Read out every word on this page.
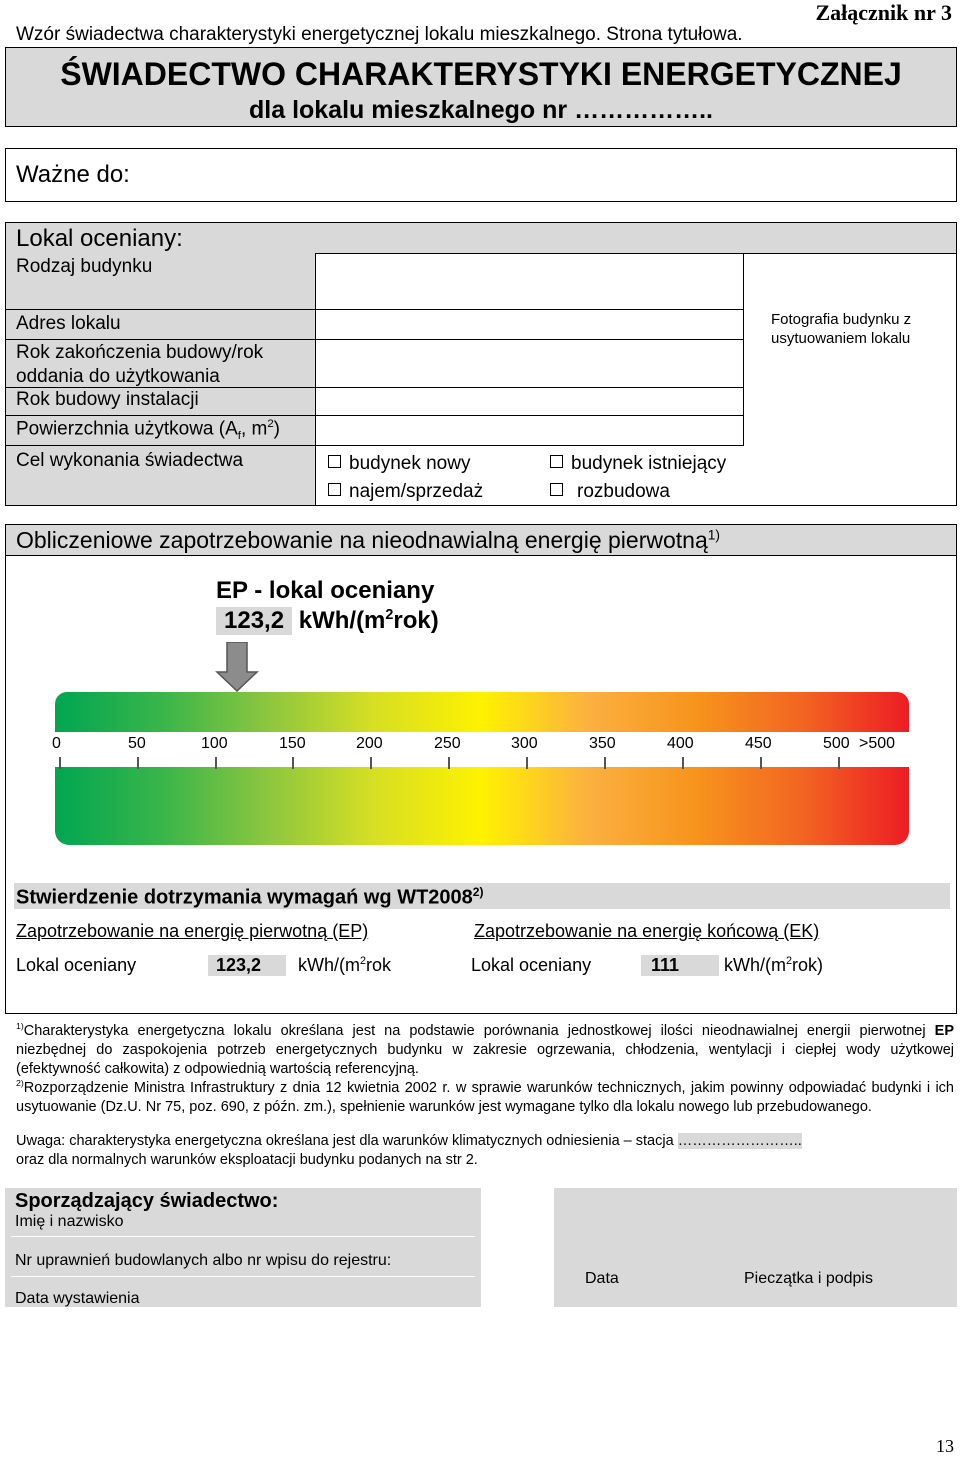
Załącznik nr 3
Wzór świadectwa charakterystyki energetycznej lokalu mieszkalnego. Strona tytułowa.
ŚWIADECTWO CHARAKTERYSTYKI ENERGETYCZNEJ
dla lokalu mieszkalnego nr ……………..
Ważne do:
Lokal oceniany:
Rodzaj budynku
Adres lokalu
Rok zakończenia budowy/rok
oddania do użytkowania
Rok budowy instalacji
Powierzchnia użytkowa ($A_f$, $m^2$)
Cel wykonania świadectwa	budynek nowy	budynek istniejący
najem/sprzedaż	rozbudowa
Fotografia budynku z usytuowaniem lokalu
Obliczeniowe zapotrzebowanie na nieodnawialną energię pierwotną$^{1)}$
EP - lokal oceniany
123,2 kWh/$(m^2rok)$
0	50	100	150	200	250	300	350	400	450	500 >500
Stwierdzenie dotrzymania wymagań wg WT2008$^{2)}$
Zapotrzebowanie na energię pierwotną (EP)	Zapotrzebowanie na energię końcową (EK)
Lokal oceniany	123,2	kWh/($m^2rok$	Lokal oceniany	111	kWh/$(m^2rok)$
$^{1)}$Charakterystyka energetyczna lokalu określana jest na podstawie porównania jednostkowej ilości nieodnawialnej energii pierwotnej EP niezbędnej do zaspokojenia potrzeb energetycznych budynku w zakresie ogrzewania, chłodzenia, wentylacji i ciepłej wody użytkowej (efektywność całkowita) z odpowiednią wartością referencyjną.
$^{2)}$Rozporządzenie Ministra Infrastruktury z dnia 12 kwietnia 2002 r. w sprawie warunków technicznych, jakim powinny odpowiadać budynki i ich usytuowanie (Dz.U. Nr 75, poz. 690, z późn. zm.), spełnienie warunków jest wymagane tylko dla lokalu nowego lub przebudowanego.
Uwaga: charakterystyka energetyczna określana jest dla warunków klimatycznych odniesienia – stacja ……………………..
oraz dla normalnych warunków eksploatacji budynku podanych na str 2.
Sporządzający świadectwo:
Imię i nazwisko
Nr uprawnień budowlanych albo nr wpisu do rejestru:
Data wystawienia
Data	Pieczątka i podpis
13
